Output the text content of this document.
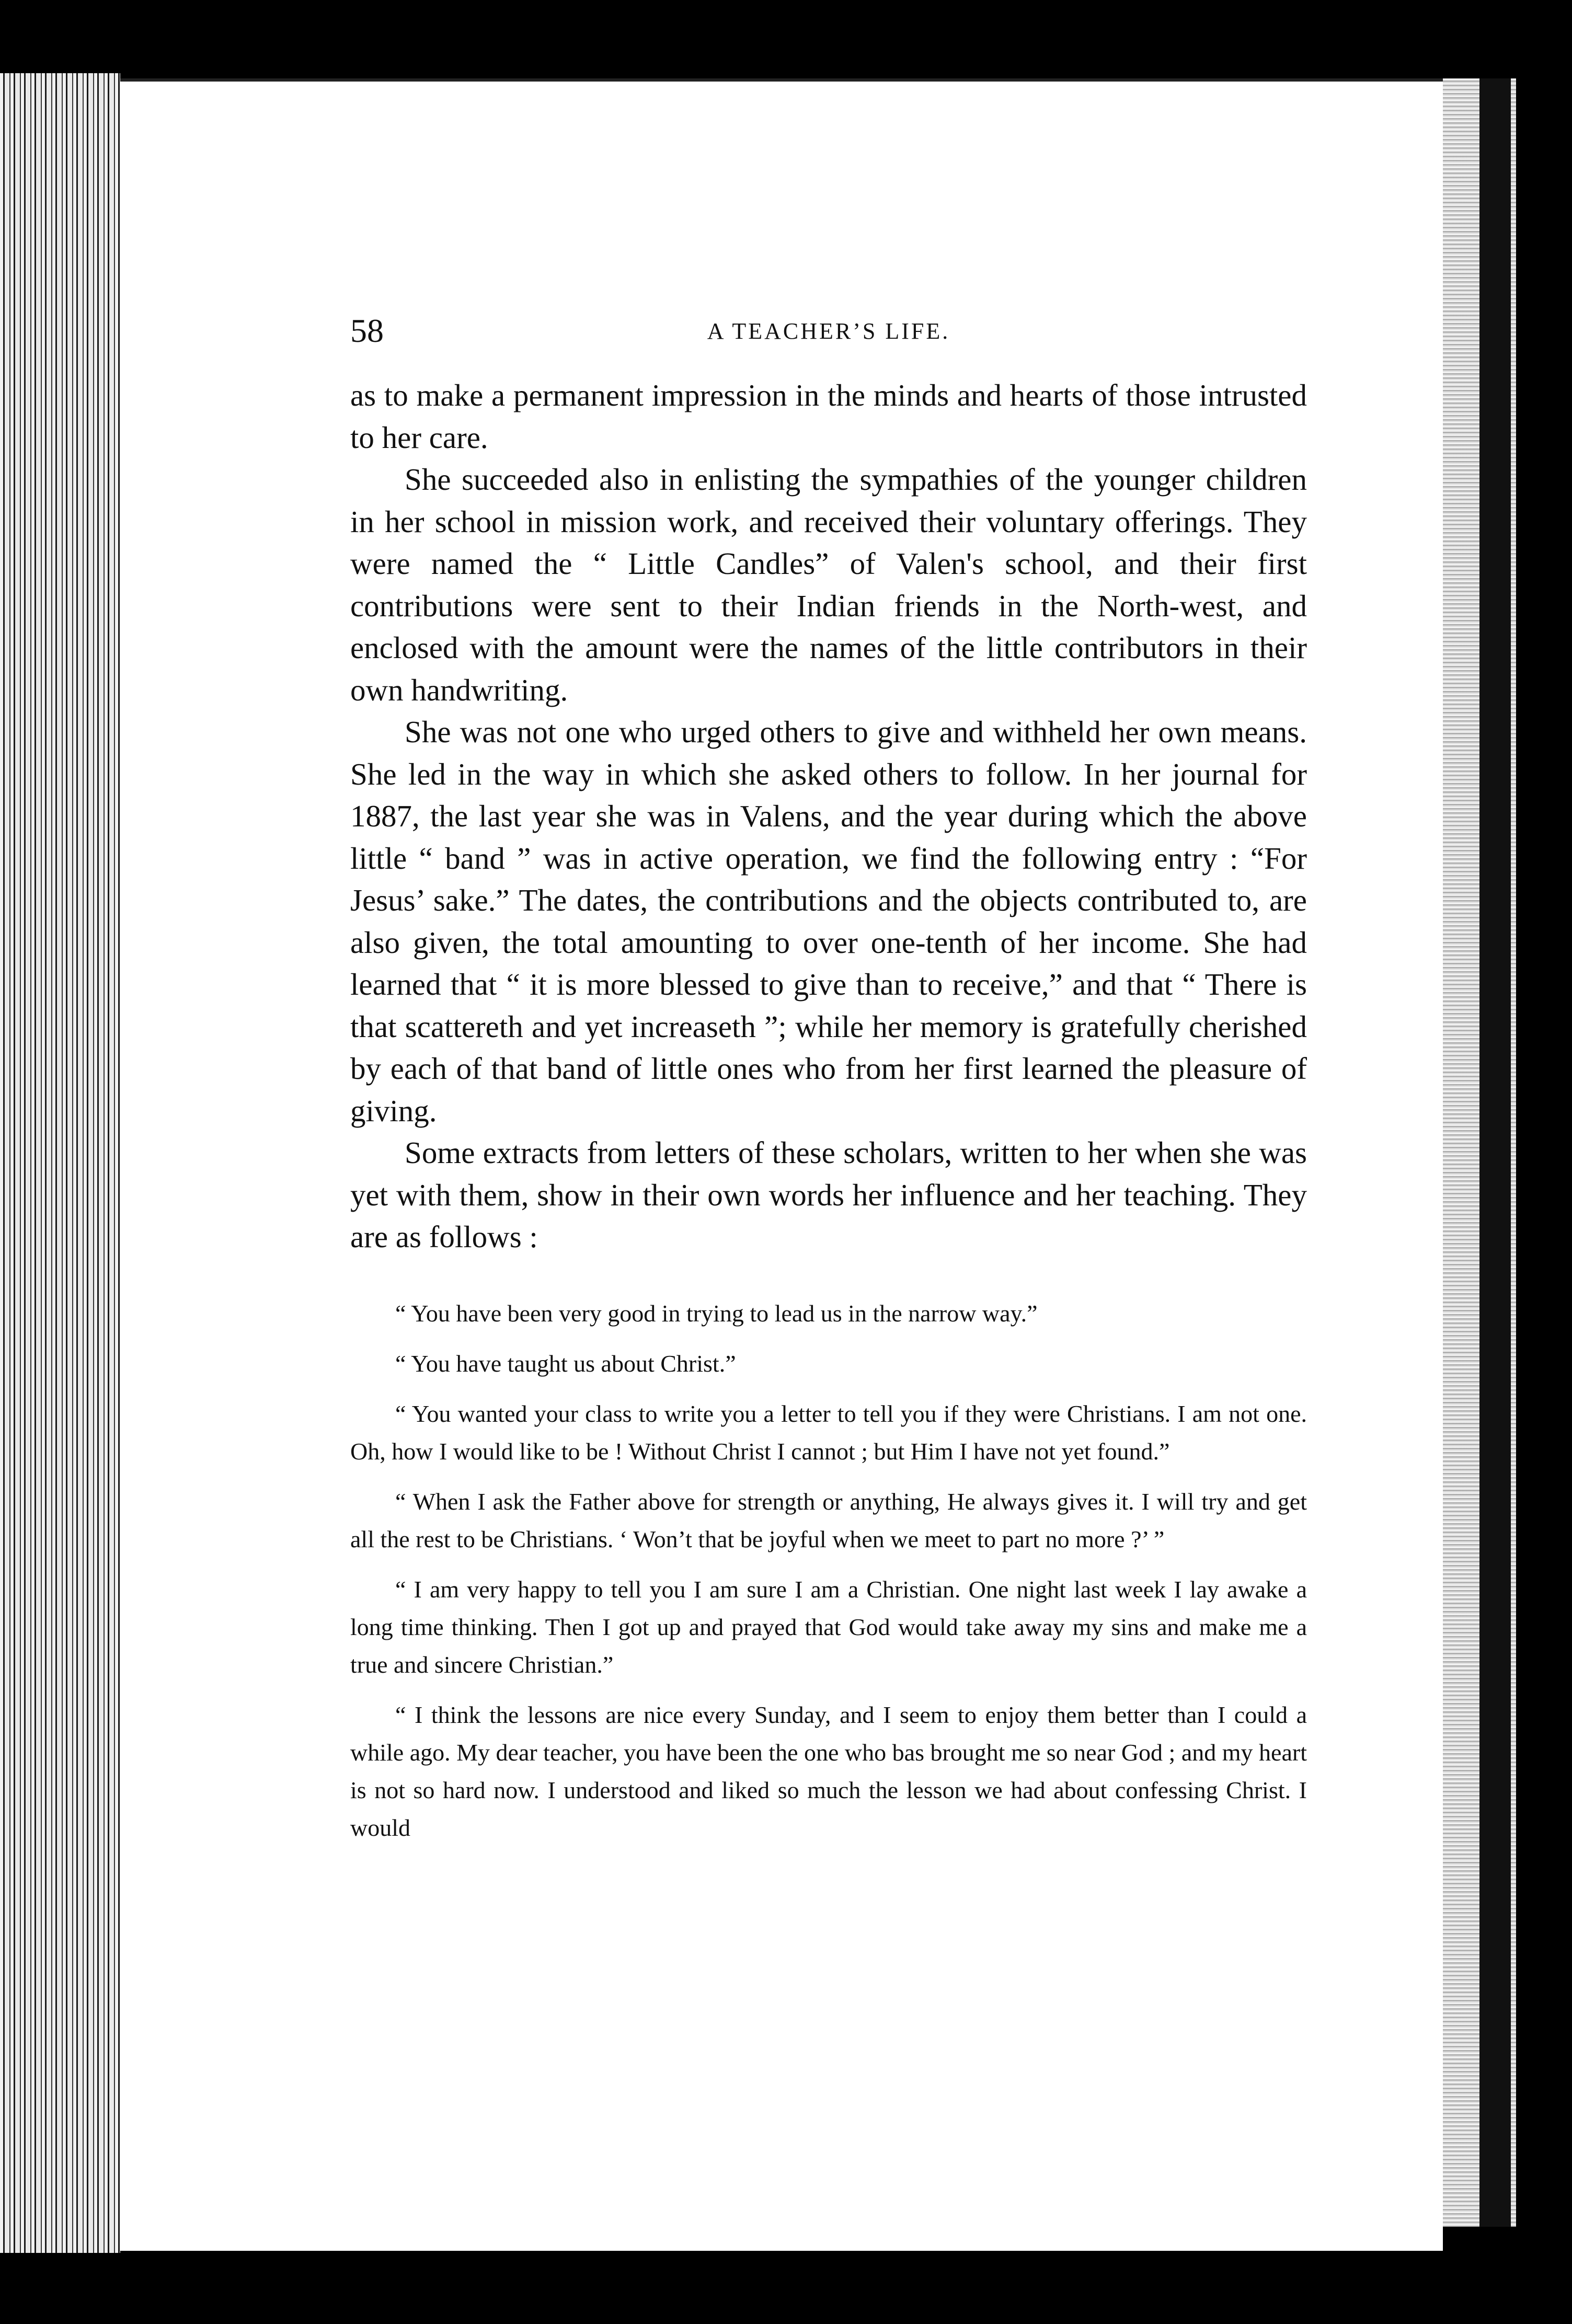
58	A TEACHER’S LIFE.

as to make a permanent impression in the minds and hearts of those intrusted to her care.

She succeeded also in enlisting the sympathies of the younger children in her school in mission work, and received their voluntary offerings. They were named the “ Little Candles” of Valen's school, and their first contributions were sent to their Indian friends in the North-west, and enclosed with the amount were the names of the little contributors in their own handwriting.

She was not one who urged others to give and withheld her own means. She led in the way in which she asked others to follow. In her journal for 1887, the last year she was in Valens, and the year during which the above little “ band ” was in active operation, we find the following entry : “For Jesus’ sake.” The dates, the contributions and the objects contributed to, are also given, the total amounting to over one-tenth of her income. She had learned that “ it is more blessed to give than to receive,” and that “ There is that scattereth and yet increaseth ”; while her memory is gratefully cherished by each of that band of little ones who from her first learned the pleasure of giving.

Some extracts from letters of these scholars, written to her when she was yet with them, show in their own words her influence and her teaching. They are as follows :

“ You have been very good in trying to lead us in the narrow way.”

“ You have taught us about Christ.”

“ You wanted your class to write you a letter to tell you if they were Christians. I am not one. Oh, how I would like to be ! Without Christ I cannot ; but Him I have not yet found.”

“ When I ask the Father above for strength or anything, He always gives it. I will try and get all the rest to be Christians. ‘ Won’t that be joyful when we meet to part no more ?’ ”

“ I am very happy to tell you I am sure I am a Christian. One night last week I lay awake a long time thinking. Then I got up and prayed that God would take away my sins and make me a true and sincere Christian.”

“ I think the lessons are nice every Sunday, and I seem to enjoy them better than I could a while ago. My dear teacher, you have been the one who bas brought me so near God ; and my heart is not so hard now. I understood and liked so much the lesson we had about confessing Christ. I would
